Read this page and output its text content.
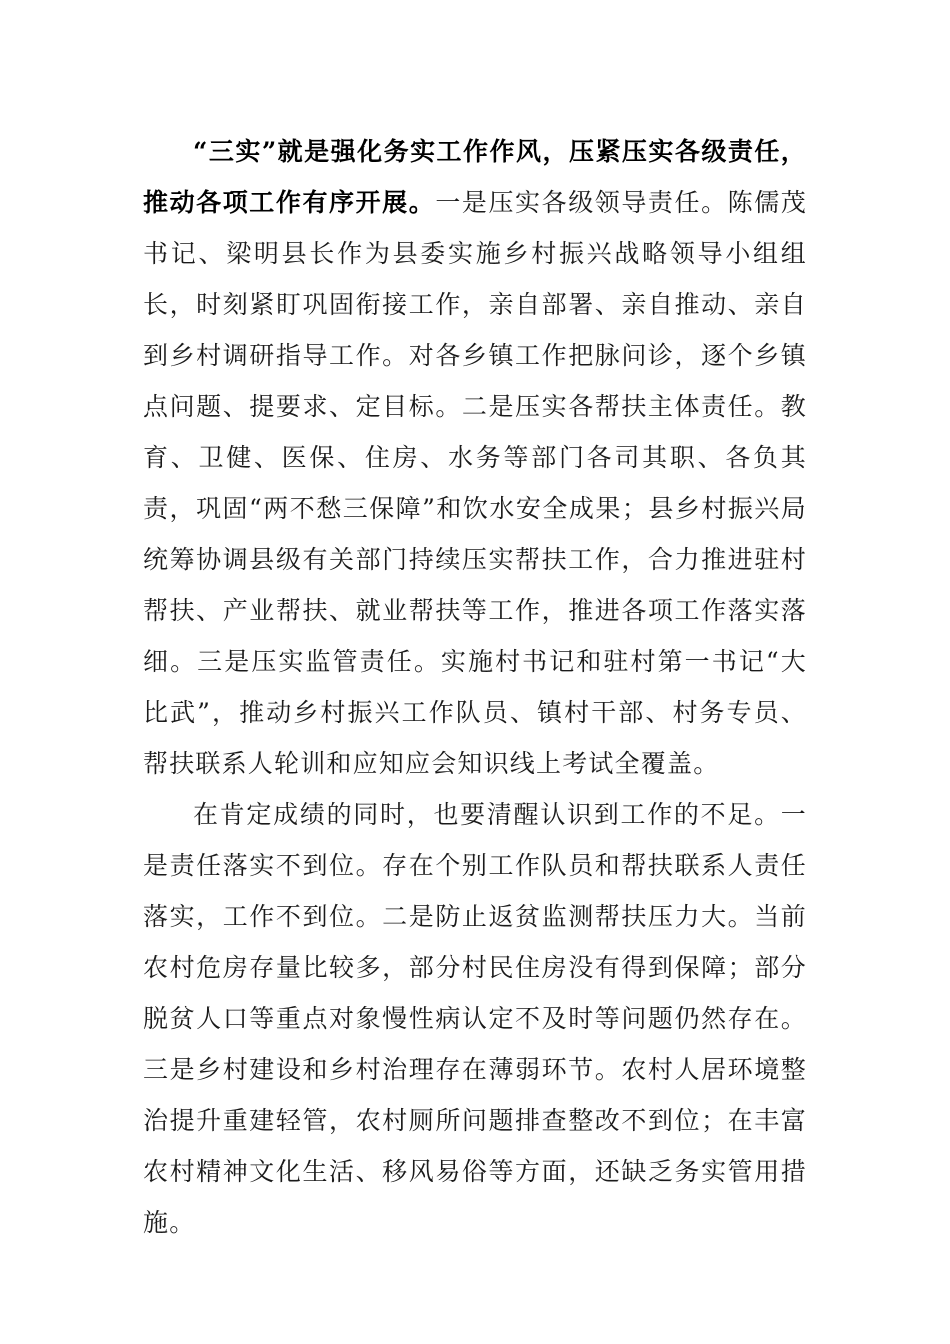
“三实”就是强化务实工作作风，压紧压实各级责任，推动各项工作有序开展。一是压实各级领导责任。陈儒茂书记、梁明县长作为县委实施乡村振兴战略领导小组组长，时刻紧盯巩固衔接工作，亲自部署、亲自推动、亲自到乡村调研指导工作。对各乡镇工作把脉问诊，逐个乡镇点问题、提要求、定目标。二是压实各帮扶主体责任。教育、卫健、医保、住房、水务等部门各司其职、各负其责，巩固“两不愁三保障”和饮水安全成果；县乡村振兴局统筹协调县级有关部门持续压实帮扶工作，合力推进驻村帮扶、产业帮扶、就业帮扶等工作，推进各项工作落实落细。三是压实监管责任。实施村书记和驻村第一书记“大比武”，推动乡村振兴工作队员、镇村干部、村务专员、帮扶联系人轮训和应知应会知识线上考试全覆盖。

在肯定成绩的同时，也要清醒认识到工作的不足。一是责任落实不到位。存在个别工作队员和帮扶联系人责任落实，工作不到位。二是防止返贫监测帮扶压力大。当前农村危房存量比较多，部分村民住房没有得到保障；部分脱贫人口等重点对象慢性病认定不及时等问题仍然存在。三是乡村建设和乡村治理存在薄弱环节。农村人居环境整治提升重建轻管，农村厕所问题排查整改不到位；在丰富农村精神文化生活、移风易俗等方面，还缺乏务实管用措施。
